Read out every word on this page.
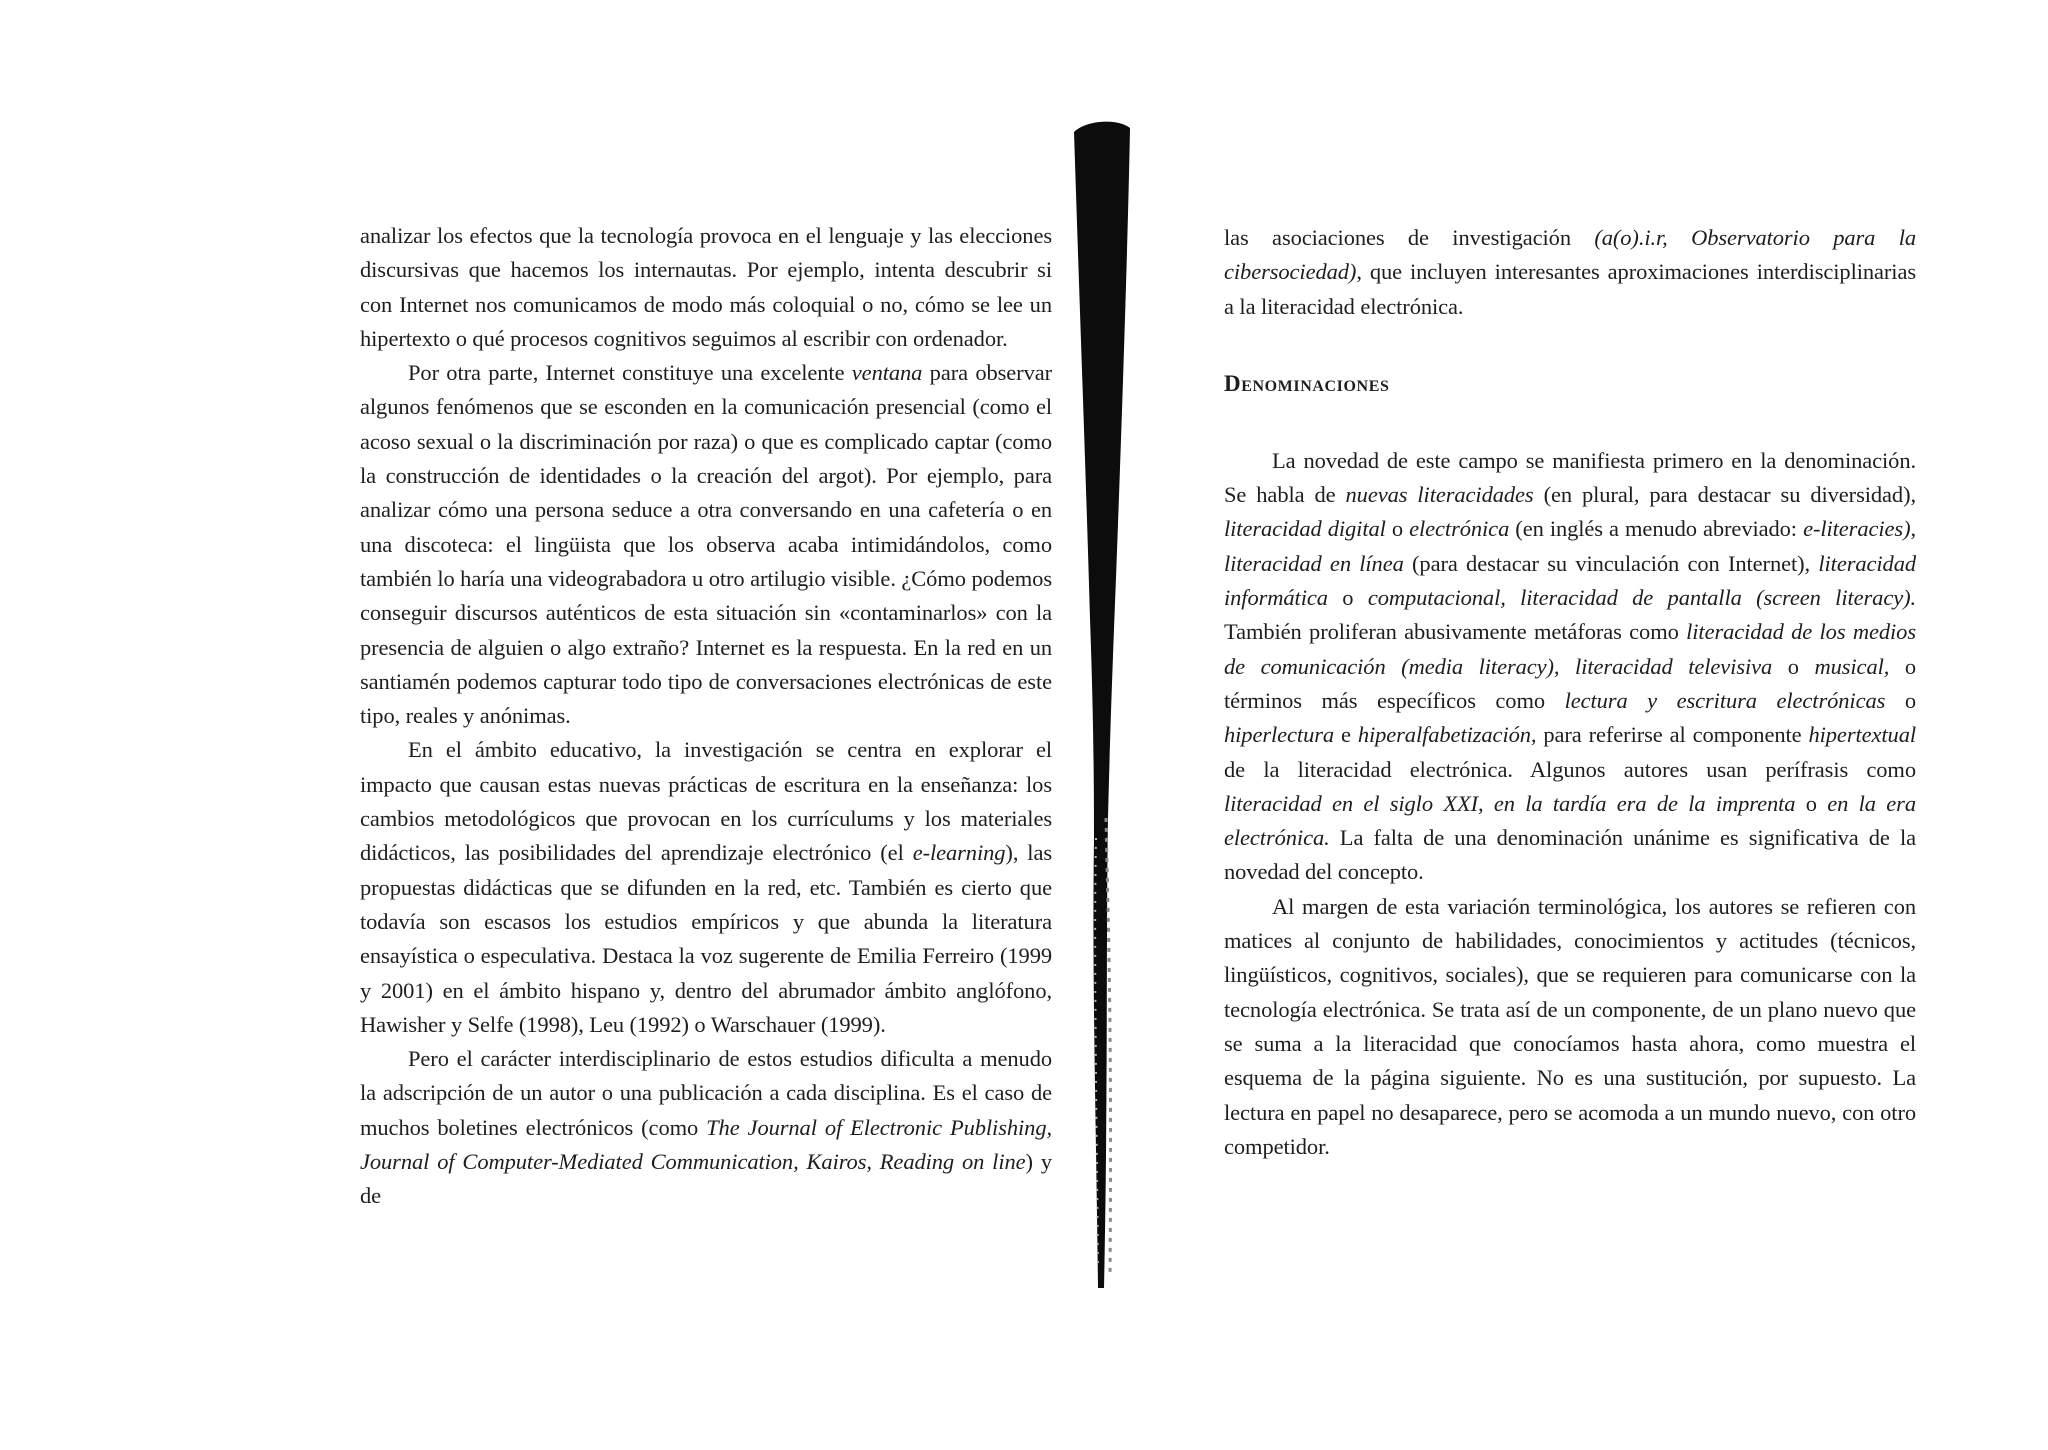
analizar los efectos que la tecnología provoca en el lenguaje y las elecciones discursivas que hacemos los internautas. Por ejemplo, intenta descubrir si con Internet nos comunicamos de modo más coloquial o no, cómo se lee un hipertexto o qué procesos cognitivos seguimos al escribir con ordenador.

Por otra parte, Internet constituye una excelente ventana para observar algunos fenómenos que se esconden en la comunicación presencial (como el acoso sexual o la discriminación por raza) o que es complicado captar (como la construcción de identidades o la creación del argot). Por ejemplo, para analizar cómo una persona seduce a otra conversando en una cafetería o en una discoteca: el lingüista que los observa acaba intimidándolos, como también lo haría una videograbadora u otro artilugio visible. ¿Cómo podemos conseguir discursos auténticos de esta situación sin «contaminarlos» con la presencia de alguien o algo extraño? Internet es la respuesta. En la red en un santiamén podemos capturar todo tipo de conversaciones electrónicas de este tipo, reales y anónimas.

En el ámbito educativo, la investigación se centra en explorar el impacto que causan estas nuevas prácticas de escritura en la enseñanza: los cambios metodológicos que provocan en los currículums y los materiales didácticos, las posibilidades del aprendizaje electrónico (el e-learning), las propuestas didácticas que se difunden en la red, etc. También es cierto que todavía son escasos los estudios empíricos y que abunda la literatura ensayística o especulativa. Destaca la voz sugerente de Emilia Ferreiro (1999 y 2001) en el ámbito hispano y, dentro del abrumador ámbito anglófono, Hawisher y Selfe (1998), Leu (1992) o Warschauer (1999).

Pero el carácter interdisciplinario de estos estudios dificulta a menudo la adscripción de un autor o una publicación a cada disciplina. Es el caso de muchos boletines electrónicos (como The Journal of Electronic Publishing, Journal of Computer-Mediated Communication, Kairos, Reading on line) y de

las asociaciones de investigación (a(o).i.r, Observatorio para la cibersociedad), que incluyen interesantes aproximaciones interdisciplinarias a la literacidad electrónica.

Denominaciones

La novedad de este campo se manifiesta primero en la denominación. Se habla de nuevas literacidades (en plural, para destacar su diversidad), literacidad digital o electrónica (en inglés a menudo abreviado: e-literacies), literacidad en línea (para destacar su vinculación con Internet), literacidad informática o computacional, literacidad de pantalla (screen literacy). También proliferan abusivamente metáforas como literacidad de los medios de comunicación (media literacy), literacidad televisiva o musical, o términos más específicos como lectura y escritura electrónicas o hiperlectura e hiperalfabetización, para referirse al componente hipertextual de la literacidad electrónica. Algunos autores usan perífrasis como literacidad en el siglo XXI, en la tardía era de la imprenta o en la era electrónica. La falta de una denominación unánime es significativa de la novedad del concepto.

Al margen de esta variación terminológica, los autores se refieren con matices al conjunto de habilidades, conocimientos y actitudes (técnicos, lingüísticos, cognitivos, sociales), que se requieren para comunicarse con la tecnología electrónica. Se trata así de un componente, de un plano nuevo que se suma a la literacidad que conocíamos hasta ahora, como muestra el esquema de la página siguiente. No es una sustitución, por supuesto. La lectura en papel no desaparece, pero se acomoda a un mundo nuevo, con otro competidor.
